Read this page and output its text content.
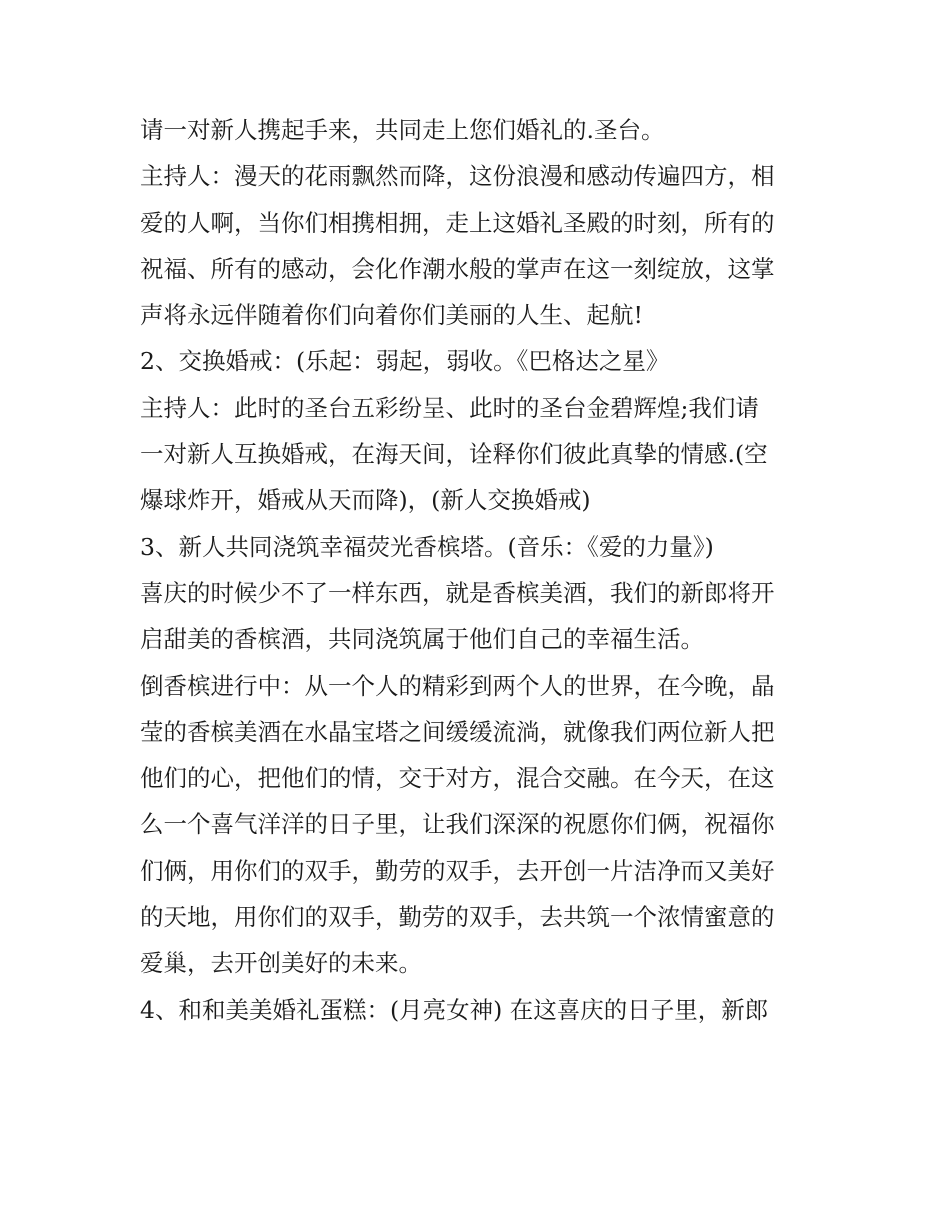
请一对新人携起手来，共同走上您们婚礼的.圣台。
主持人：漫天的花雨飘然而降，这份浪漫和感动传遍四方，相
爱的人啊，当你们相携相拥，走上这婚礼圣殿的时刻，所有的
祝福、所有的感动，会化作潮水般的掌声在这一刻绽放，这掌
声将永远伴随着你们向着你们美丽的人生、起航!
2、交换婚戒：(乐起：弱起，弱收。《巴格达之星》
主持人：此时的圣台五彩纷呈、此时的圣台金碧辉煌;我们请
一对新人互换婚戒，在海天间，诠释你们彼此真挚的情感.(空
爆球炸开，婚戒从天而降)，(新人交换婚戒)
3、新人共同浇筑幸福荧光香槟塔。(音乐：《爱的力量》)
喜庆的时候少不了一样东西，就是香槟美酒，我们的新郎将开
启甜美的香槟酒，共同浇筑属于他们自己的幸福生活。
倒香槟进行中：从一个人的精彩到两个人的世界，在今晚，晶
莹的香槟美酒在水晶宝塔之间缓缓流淌，就像我们两位新人把
他们的心，把他们的情，交于对方，混合交融。在今天，在这
么一个喜气洋洋的日子里，让我们深深的祝愿你们俩，祝福你
们俩，用你们的双手，勤劳的双手，去开创一片洁净而又美好
的天地，用你们的双手，勤劳的双手，去共筑一个浓情蜜意的
爱巢，去开创美好的未来。
4、和和美美婚礼蛋糕：(月亮女神) 在这喜庆的日子里，新郎
